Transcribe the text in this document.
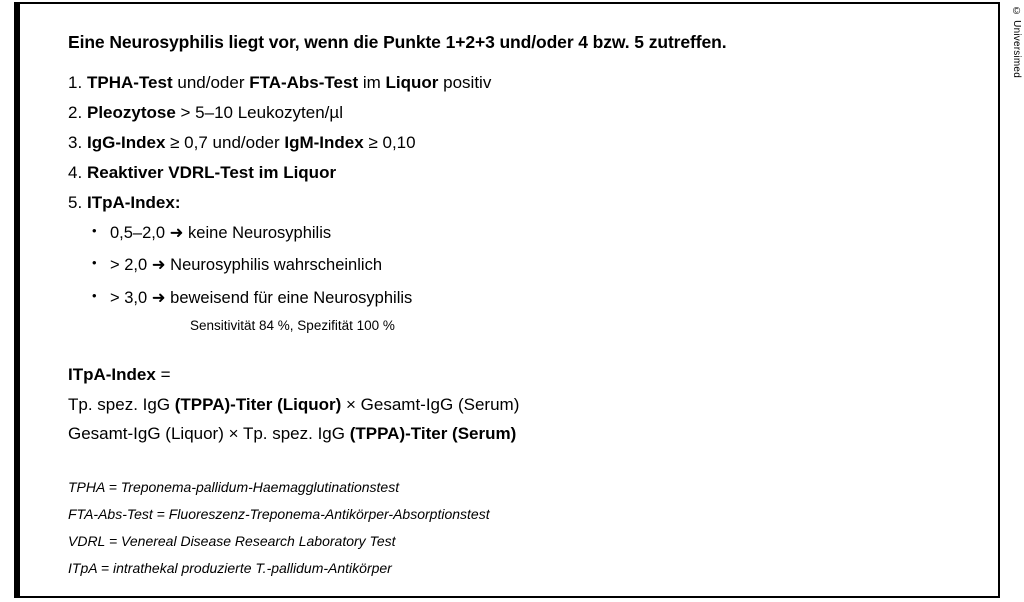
Eine Neurosyphilis liegt vor, wenn die Punkte 1+2+3 und/oder 4 bzw. 5 zutreffen.
1. TPHA-Test und/oder FTA-Abs-Test im Liquor positiv
2. Pleozytose > 5–10 Leukozyten/µl
3. IgG-Index ≥ 0,7 und/oder IgM-Index ≥ 0,10
4. Reaktiver VDRL-Test im Liquor
5. ITpA-Index:
• 0,5–2,0 ➜ keine Neurosyphilis
• > 2,0 ➜ Neurosyphilis wahrscheinlich
• > 3,0 ➜ beweisend für eine Neurosyphilis
Sensitivität 84 %, Spezifität 100 %
ITpA-Index =
Tp. spez. IgG (TPPA)-Titer (Liquor) × Gesamt-IgG (Serum)
Gesamt-IgG (Liquor) × Tp. spez. IgG (TPPA)-Titer (Serum)
TPHA = Treponema-pallidum-Haemagglutinationstest
FTA-Abs-Test = Fluoreszenz-Treponema-Antikörper-Absorptionstest
VDRL = Venereal Disease Research Laboratory Test
ITpA = intrathekal produzierte T.-pallidum-Antikörper
© Universimed
